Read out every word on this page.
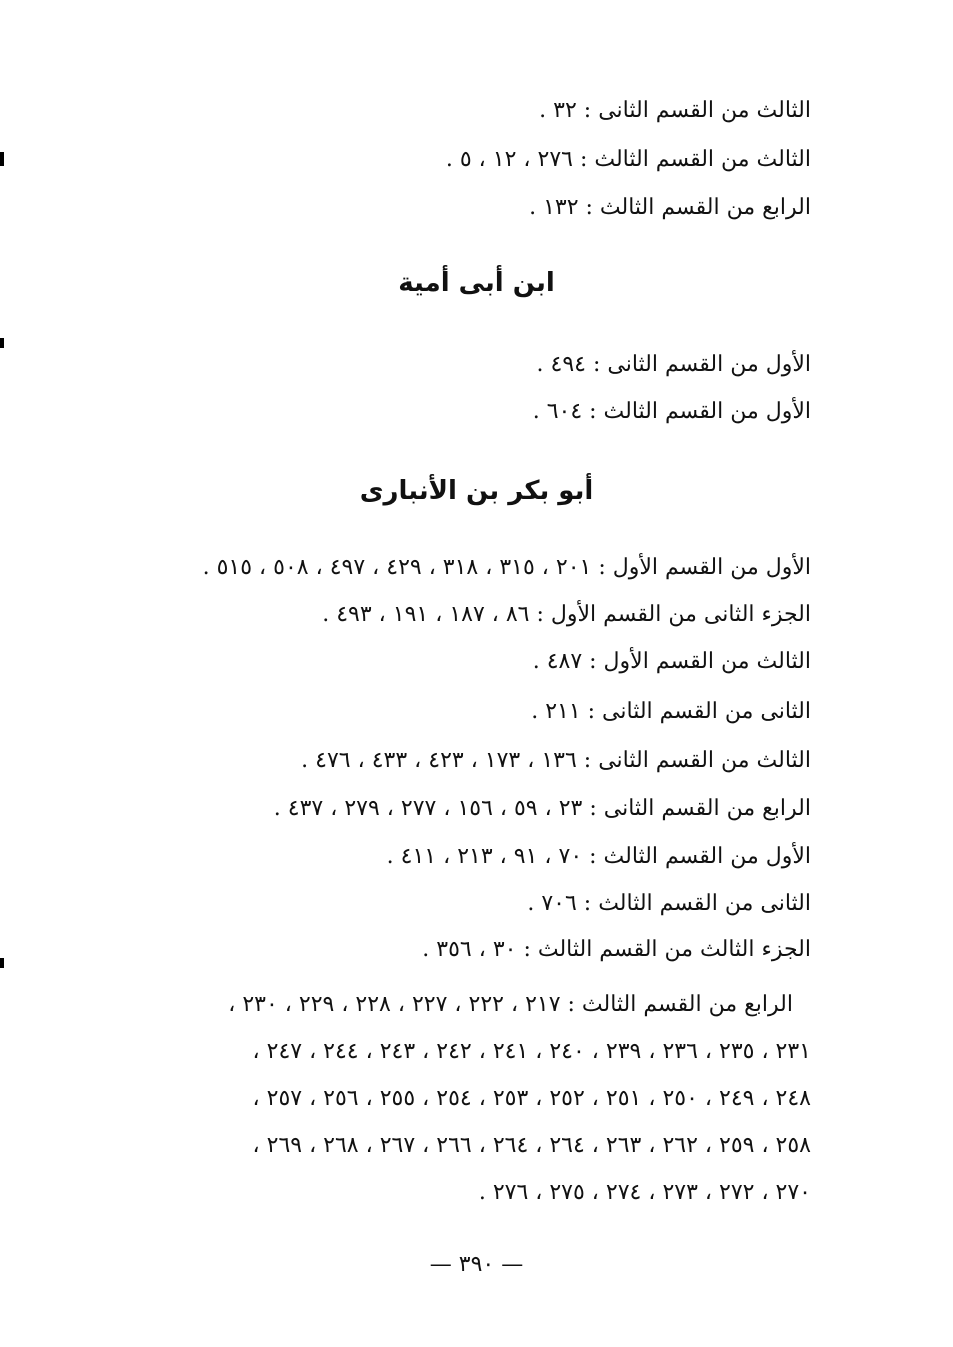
الثالث من القسم الثانى : ٣٢ .
الثالث من القسم الثالث : ٢٧٦ ، ١٢ ، ٥ .
الرابع من القسم الثالث : ١٣٢ .
ابن أبى أمية
الأول من القسم الثانى : ٤٩٤ .
الأول من القسم الثالث : ٦٠٤ .
أبو بكر بن الأنبارى
الأول من القسم الأول : ٢٠١ ، ٣١٥ ، ٣١٨ ، ٤٢٩ ، ٤٩٧ ، ٥٠٨ ، ٥١٥ .
الجزء الثانى من القسم الأول : ٨٦ ، ١٨٧ ، ١٩١ ، ٤٩٣ .
الثالث من القسم الأول : ٤٨٧ .
الثانى من القسم الثانى : ٢١١ .
الثالث من القسم الثانى : ١٣٦ ، ١٧٣ ، ٤٢٣ ، ٤٣٣ ، ٤٧٦ .
الرابع من القسم الثانى : ٢٣ ، ٥٩ ، ١٥٦ ، ٢٧٧ ، ٢٧٩ ، ٤٣٧ .
الأول من القسم الثالث : ٧٠ ، ٩١ ، ٢١٣ ، ٤١١ .
الثانى من القسم الثالث : ٧٠٦ .
الجزء الثالث من القسم الثالث : ٣٠ ، ٣٥٦ .
الرابع من القسم الثالث : ٢١٧ ، ٢٢٢ ، ٢٢٧ ، ٢٢٨ ، ٢٢٩ ، ٢٣٠ ،
٢٣١ ، ٢٣٥ ، ٢٣٦ ، ٢٣٩ ، ٢٤٠ ، ٢٤١ ، ٢٤٢ ، ٢٤٣ ، ٢٤٤ ، ٢٤٧ ،
٢٤٨ ، ٢٤٩ ، ٢٥٠ ، ٢٥١ ، ٢٥٢ ، ٢٥٣ ، ٢٥٤ ، ٢٥٥ ، ٢٥٦ ، ٢٥٧ ،
٢٥٨ ، ٢٥٩ ، ٢٦٢ ، ٢٦٣ ، ٢٦٤ ، ٢٦٤ ، ٢٦٦ ، ٢٦٧ ، ٢٦٨ ، ٢٦٩ ،
٢٧٠ ، ٢٧٢ ، ٢٧٣ ، ٢٧٤ ، ٢٧٥ ، ٢٧٦ .
— ٣٩٠ —
